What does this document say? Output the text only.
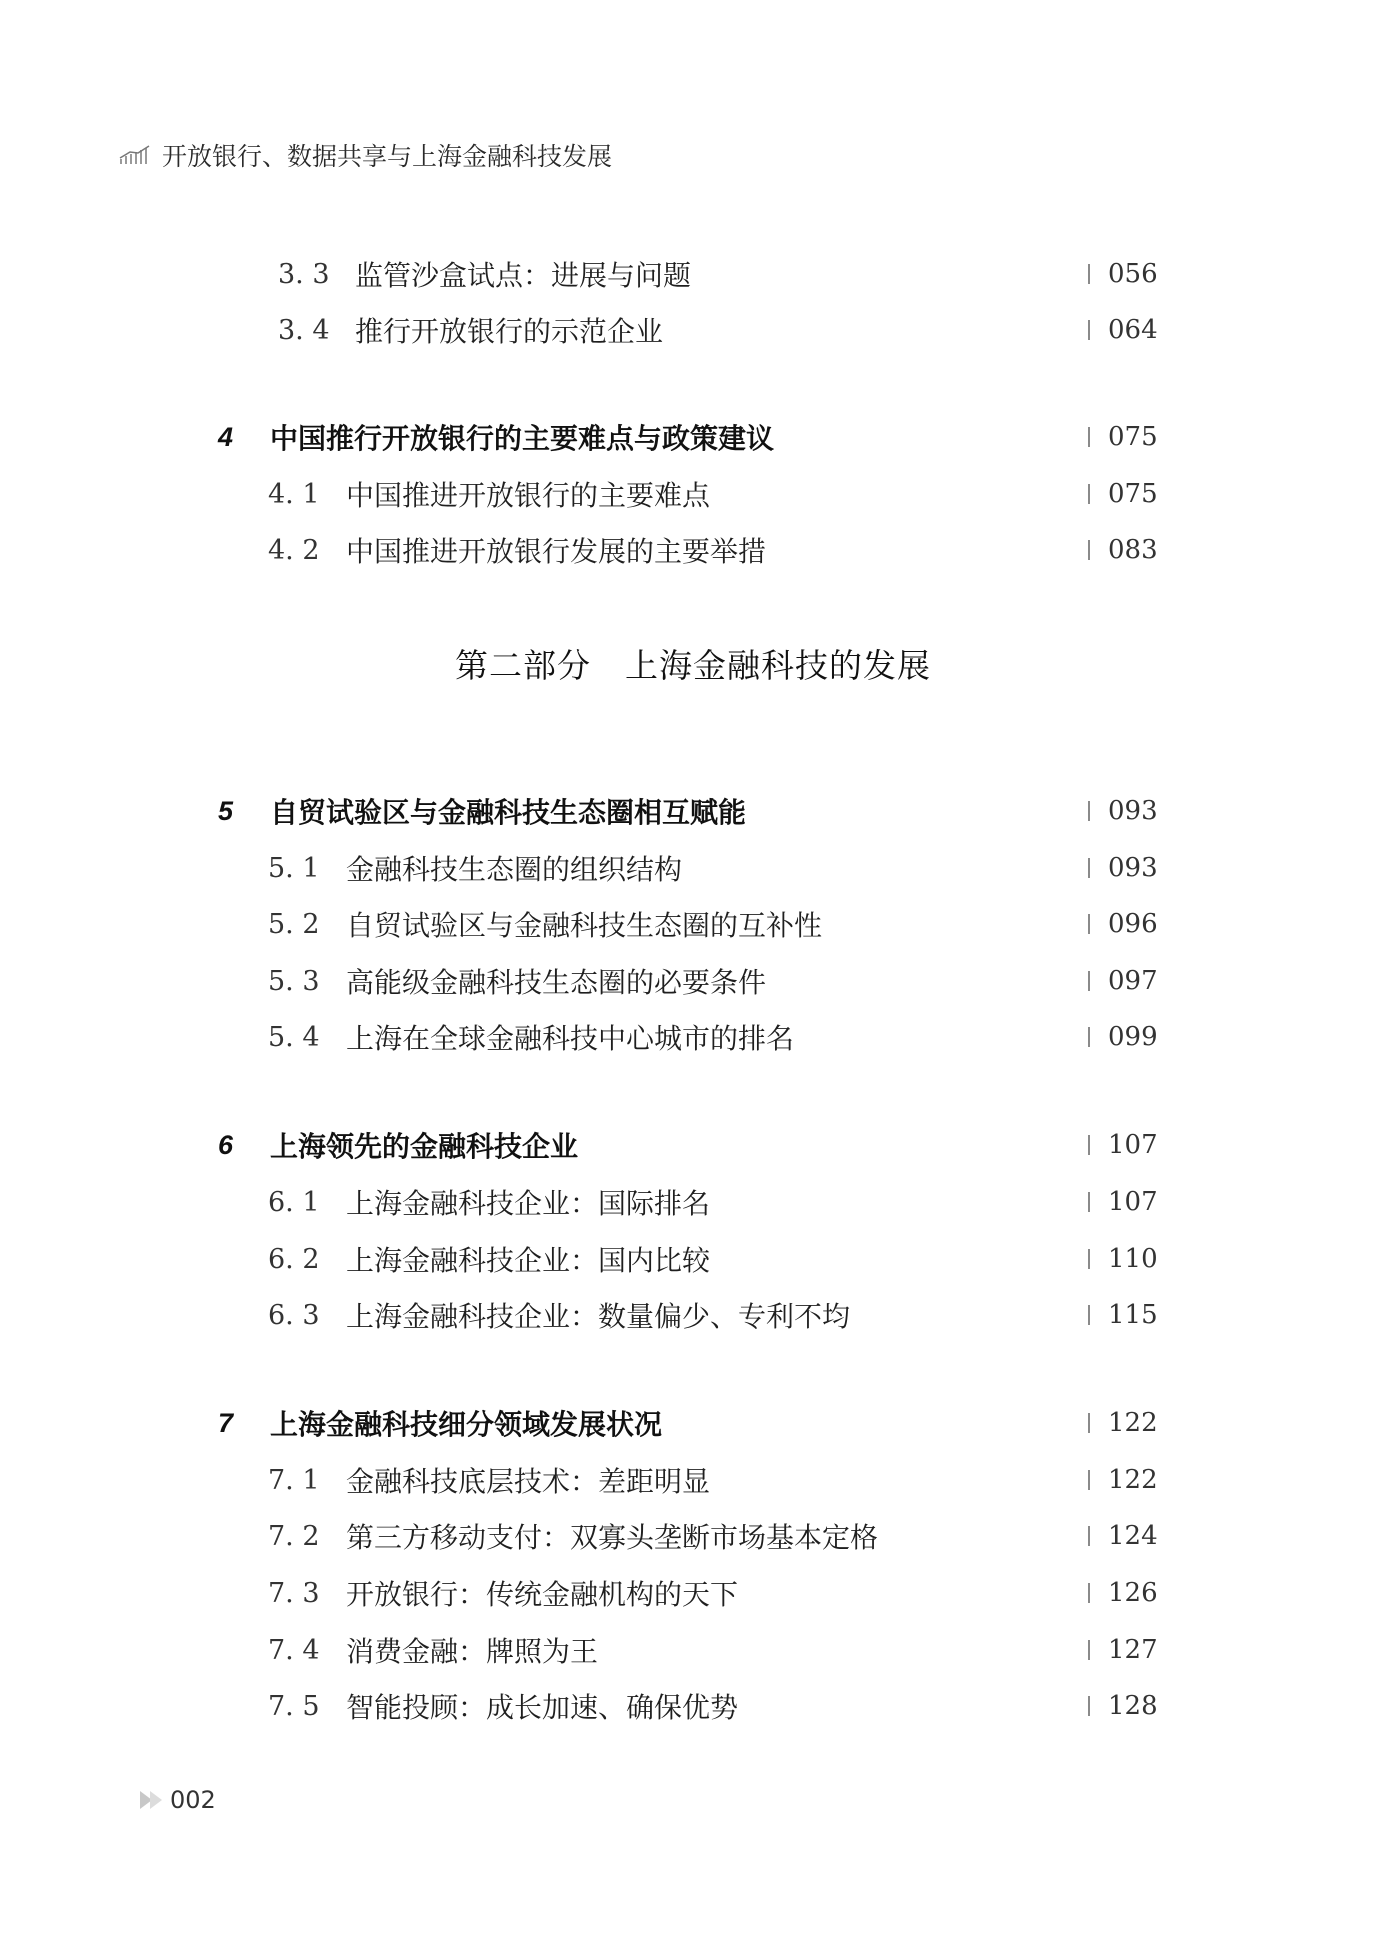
开放银行、数据共享与上海金融科技发展
3. 3 监管沙盒试点：进展与问题	056
3. 4 推行开放银行的示范企业	064
4 中国推行开放银行的主要难点与政策建议	075
4. 1 中国推进开放银行的主要难点	075
4. 2 中国推进开放银行发展的主要举措	083
第二部分 上海金融科技的发展
5 自贸试验区与金融科技生态圈相互赋能	093
5. 1 金融科技生态圈的组织结构	093
5. 2 自贸试验区与金融科技生态圈的互补性	096
5. 3 高能级金融科技生态圈的必要条件	097
5. 4 上海在全球金融科技中心城市的排名	099
6 上海领先的金融科技企业	107
6. 1 上海金融科技企业：国际排名	107
6. 2 上海金融科技企业：国内比较	110
6. 3 上海金融科技企业：数量偏少、专利不均	115
7 上海金融科技细分领域发展状况	122
7. 1 金融科技底层技术：差距明显	122
7. 2 第三方移动支付：双寡头垄断市场基本定格	124
7. 3 开放银行：传统金融机构的天下	126
7. 4 消费金融：牌照为王	127
7. 5 智能投顾：成长加速、确保优势	128
002
